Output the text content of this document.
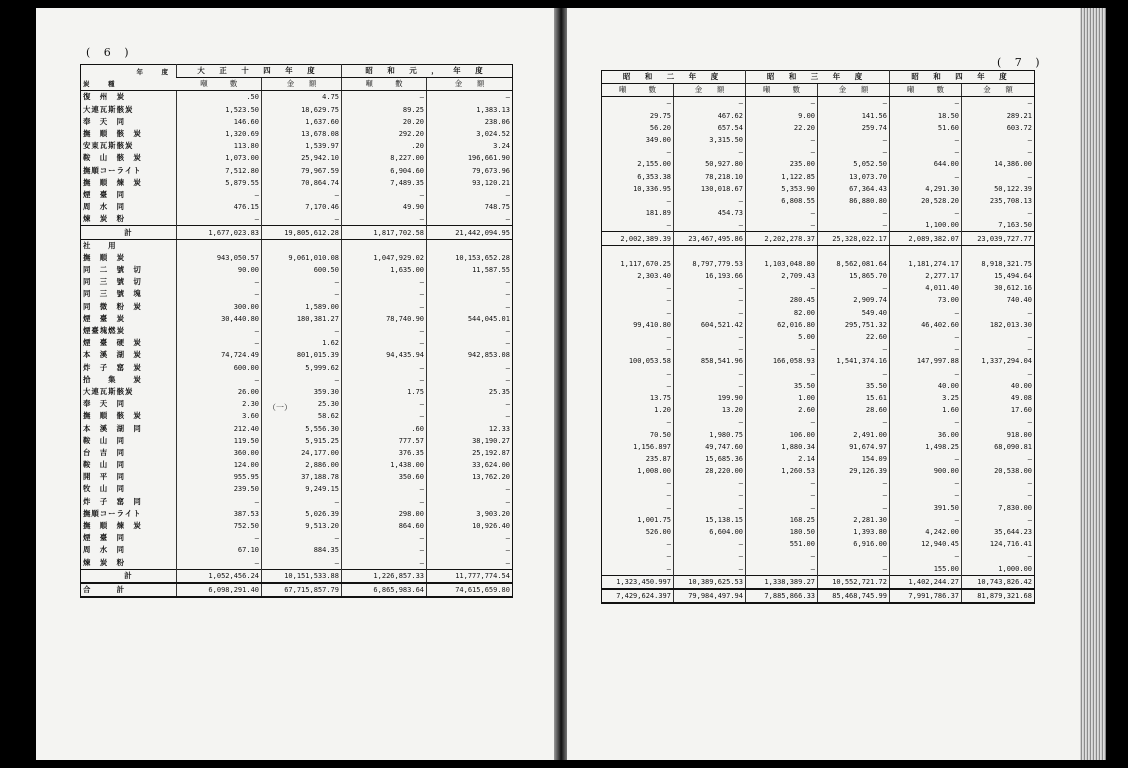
( 6 )
年　度
炭　種	大 正 十 四 年 度		昭 和 元 ， 年 度	
	噸　　　數	金　　額	噸　　　數	金　　額
復　州　炭	.50	4.75	—	—
大連瓦斯骸炭	1,523.50	18,629.75	89.25	1,383.13
奉　天　同	146.60	1,637.60	20.20	238.06
撫　順　骸　炭	1,320.69	13,678.08	292.20	3,024.52
安東瓦斯骸炭	113.80	1,539.97	.20	3.24
鞍　山　骸　炭	1,073.00	25,942.10	8,227.00	196,661.90
撫順コーライト	7,512.80	79,967.59	6,904.60	79,673.96
撫　順　煉　炭	5,879.55	70,864.74	7,489.35	93,120.21
煙　臺　同	—	—	—	—
周　水　同	476.15	7,170.46	49.90	748.75
煉　炭　粉	—	—	—	—
計	1,677,023.83	19,805,612.28	1,817,702.58	21,442,094.95
社　　用				
撫　順　炭	943,050.57	9,061,010.08	1,047,929.02	10,153,652.28
同　二　號　切	90.00	600.50	1,635.00	11,587.55
同　三　號　切	—	—	—	—
同　三　號　塊	—	—	—	—
同　微　粉　炭	300.00	1,589.00	—	—
煙　臺　炭	30,440.80	180,381.27	78,740.90	544,045.01
煙臺塊燃炭	—	—	—	—
煙　臺　硬　炭	—	1.62	—	—
本　溪　湖　炭	74,724.49	801,015.39	94,435.94	942,853.08
炸　子　窰　炭	600.00	5,999.62	—	—
拾　　集　　炭	—	—	—	—
大連瓦斯骸炭	26.00	359.30	1.75	25.35
奉　天　同	2.30	25.30	—	—
撫　順　骸　炭	3.60	58.62	—	—
本　溪　湖　同	212.40	5,556.30	.60	12.33
鞍　山　同	119.50	5,915.25	777.57	38,190.27
台　吉　同	360.00	24,177.00	376.35	25,192.87
鞍　山　同	124.00	2,886.00	1,438.00	33,624.00
開　平　同	955.95	37,188.78	350.60	13,762.20
牧　山　同	239.50	9,249.15	—	—
炸　子　窰　同	—	—	—	—
撫順コーライト	387.53	5,026.39	298.00	3,903.20
撫　順　煉　炭	752.50	9,513.20	864.60	10,926.40
煙　臺　同	—	—	—	—
周　水　同	67.10	884.35	—	—
煉　炭　粉	—	—	—	—
計	1,052,456.24	10,151,533.88	1,226,857.33	11,777,774.54
合　　　計	6,098,291.40	67,715,857.79	6,865,983.64	74,615,659.80
（一）
( 7 )
昭 和 二 年 度		昭 和 三 年 度		昭 和 四 年 度	
噸　　　數	金　　額	噸　　　數	金　　額	噸　　　數	金　　額
—	—	—	—	—	—
29.75	467.62	9.00	141.56	18.50	289.21
56.20	657.54	22.20	259.74	51.60	603.72
349.00	3,315.50	—	—	—	—
—	—	—	—	—	—
2,155.00	50,927.80	235.00	5,052.50	644.00	14,386.00
6,353.38	78,218.10	1,122.85	13,073.70	—	—
10,336.95	130,018.67	5,353.90	67,364.43	4,291.30	50,122.39
—	—	6,808.55	86,880.80	20,528.20	235,708.13
181.89	454.73	—	—	—	—
—	—	—	—	1,100.00	7,163.50
2,002,389.39	23,467,495.86	2,202,278.37	25,328,022.17	2,089,382.07	23,039,727.77

1,117,670.25	8,797,779.53	1,103,048.80	8,562,081.64	1,181,274.17	8,918,321.75
2,303.40	16,193.66	2,709.43	15,865.70	2,277.17	15,494.64
—	—	—	—	4,011.40	30,612.16
—	—	280.45	2,909.74	73.00	740.40
—	—	82.00	549.40	—	—
99,410.80	604,521.42	62,016.80	295,751.32	46,402.60	182,013.30
—	—	5.00	22.60	—	—
—	—	—	—	—	—
100,053.58	858,541.96	166,058.93	1,541,374.16	147,997.88	1,337,294.04
—	—	—	—	—	—
—	—	35.50	35.50	40.00	40.00
13.75	199.90	1.00	15.61	3.25	49.08
1.20	13.20	2.60	28.60	1.60	17.60
—	—	—	—	—	—
70.50	1,980.75	106.00	2,491.00	36.00	918.00
1,156.897	49,747.60	1,880.34	91,674.97	1,498.25	68,090.81
235.87	15,685.36	2.14	154.09	—	—
1,008.00	28,220.00	1,260.53	29,126.39	900.00	20,538.00
—	—	—	—	—	—
—	—	—	—	—	—
—	—	—	—	391.50	7,830.00
1,001.75	15,138.15	168.25	2,281.30	—	—
526.00	6,604.00	180.50	1,393.80	4,242.00	35,644.23
—	—	551.00	6,916.00	12,940.45	124,716.41
—	—	—	—	—	—
—	—	—	—	155.00	1,000.00
1,323,450.997	10,389,625.53	1,338,389.27	10,552,721.72	1,402,244.27	10,743,826.42
7,429,624.397	79,984,497.94	7,885,866.33	85,468,745.99	7,991,786.37	81,879,321.68
